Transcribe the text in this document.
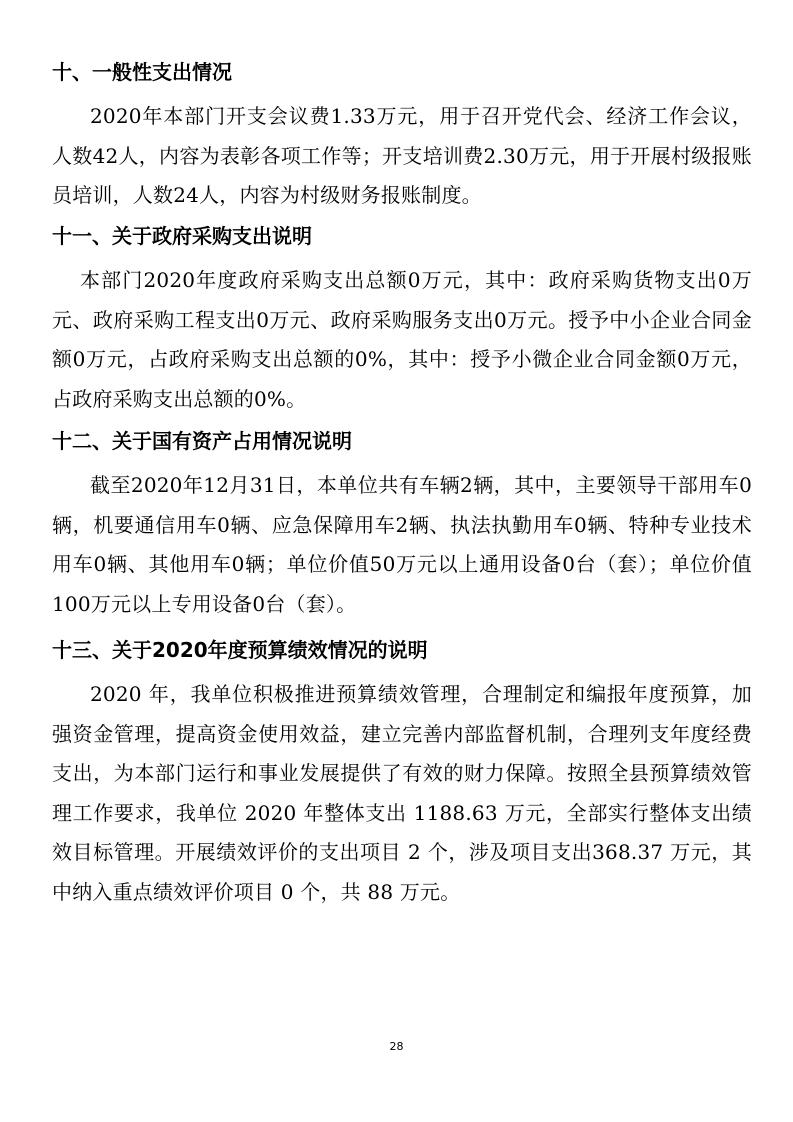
十、一般性支出情况

2020年本部门开支会议费1.33万元，用于召开党代会、经济工作会议，人数42人，内容为表彰各项工作等；开支培训费2.30万元，用于开展村级报账员培训，人数24人，内容为村级财务报账制度。

十一、关于政府采购支出说明

本部门2020年度政府采购支出总额0万元，其中：政府采购货物支出0万元、政府采购工程支出0万元、政府采购服务支出0万元。授予中小企业合同金额0万元，占政府采购支出总额的0%，其中：授予小微企业合同金额0万元，占政府采购支出总额的0%。

十二、关于国有资产占用情况说明

截至2020年12月31日，本单位共有车辆2辆，其中，主要领导干部用车0辆，机要通信用车0辆、应急保障用车2辆、执法执勤用车0辆、特种专业技术用车0辆、其他用车0辆；单位价值50万元以上通用设备0台（套）；单位价值100万元以上专用设备0台（套）。

十三、关于2020年度预算绩效情况的说明

2020 年，我单位积极推进预算绩效管理，合理制定和编报年度预算，加强资金管理，提高资金使用效益，建立完善内部监督机制，合理列支年度经费支出，为本部门运行和事业发展提供了有效的财力保障。按照全县预算绩效管理工作要求，我单位 2020 年整体支出 1188.63 万元，全部实行整体支出绩效目标管理。开展绩效评价的支出项目 2 个，涉及项目支出368.37 万元，其中纳入重点绩效评价项目 0 个，共 88 万元。

28
